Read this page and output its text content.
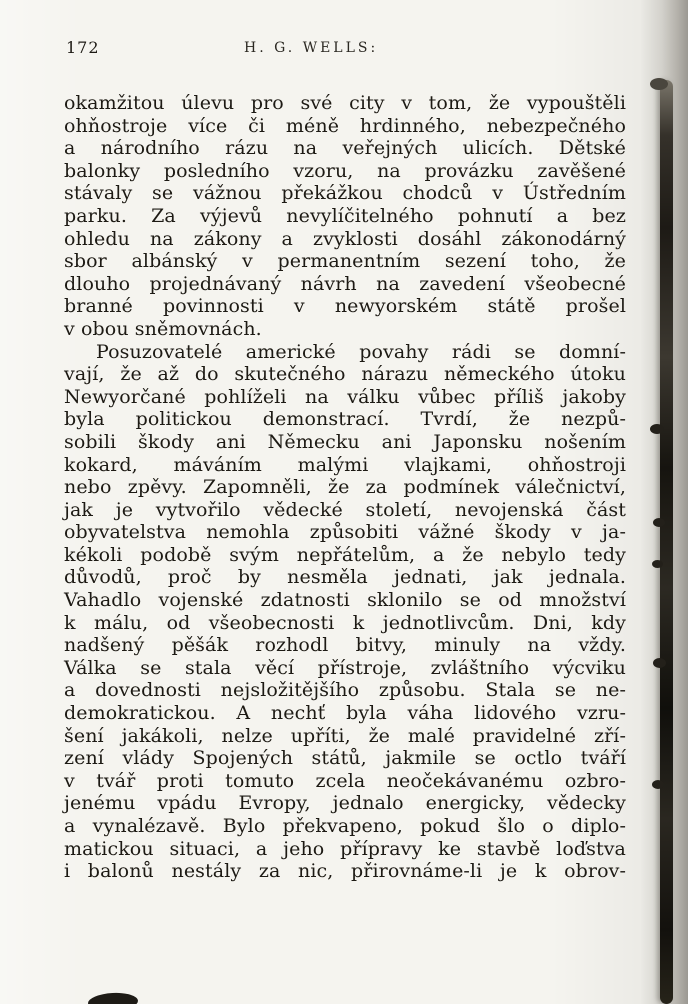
172	H. G. WELLS:
okamžitou úlevu pro své city v tom, že vypouštěli
ohňostroje více či méně hrdinného, nebezpečného
a národního rázu na veřejných ulicích. Dětské
balonky posledního vzoru, na provázku zavěšené
stávaly se vážnou překážkou chodců v Ústředním
parku. Za výjevů nevylíčitelného pohnutí a bez
ohledu na zákony a zvyklosti dosáhl zákonodárný
sbor albánský v permanentním sezení toho, že
dlouho projednávaný návrh na zavedení všeobecné
branné povinnosti v newyorském státě prošel
v obou sněmovnách.
Posuzovatelé americké povahy rádi se domní-
vají, že až do skutečného nárazu německého útoku
Newyorčané pohlíželi na válku vůbec příliš jakoby
byla politickou demonstrací. Tvrdí, že nezpů-
sobili škody ani Německu ani Japonsku nošením
kokard, máváním malými vlajkami, ohňostroji
nebo zpěvy. Zapomněli, že za podmínek válečnictví,
jak je vytvořilo vědecké století, nevojenská část
obyvatelstva nemohla způsobiti vážné škody v ja-
kékoli podobě svým nepřátelům, a že nebylo tedy
důvodů, proč by nesměla jednati, jak jednala.
Vahadlo vojenské zdatnosti sklonilo se od množství
k málu, od všeobecnosti k jednotlivcům. Dni, kdy
nadšený pěšák rozhodl bitvy, minuly na vždy.
Válka se stala věcí přístroje, zvláštního výcviku
a dovednosti nejsložitějšího způsobu. Stala se ne-
demokratickou. A nechť byla váha lidového vzru-
šení jakákoli, nelze upříti, že malé pravidelné zří-
zení vlády Spojených států, jakmile se octlo tváří
v tvář proti tomuto zcela neočekávanému ozbro-
jenému vpádu Evropy, jednalo energicky, vědecky
a vynalézavě. Bylo překvapeno, pokud šlo o diplo-
matickou situaci, a jeho přípravy ke stavbě loďstva
i balonů nestály za nic, přirovnáme-li je k obrov-
